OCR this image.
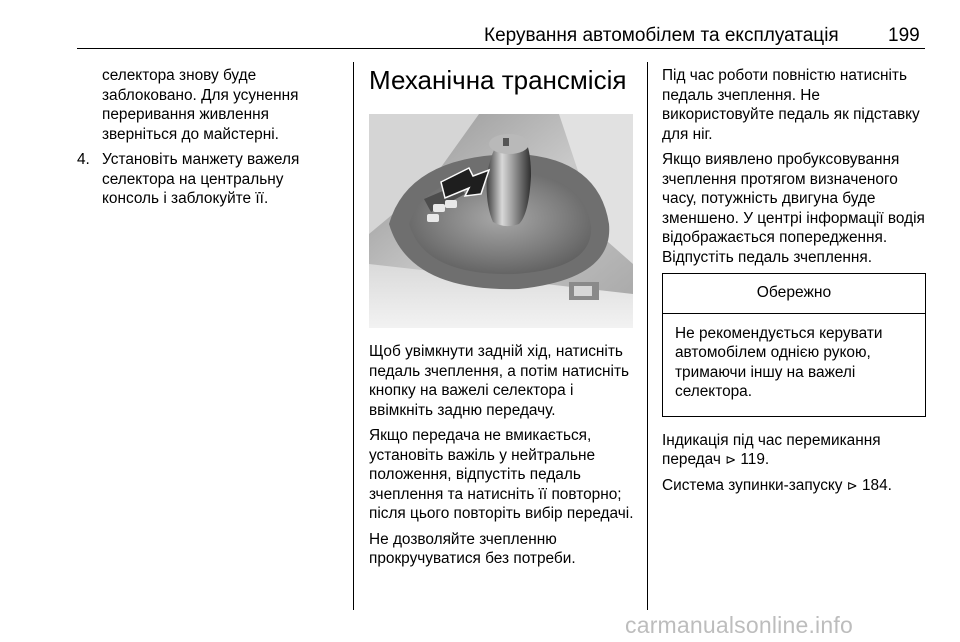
Керування автомобілем та експлуатація	199

селектора знову буде заблоковано. Для усунення переривання живлення зверніться до майстерні.

4. Установіть манжету важеля селектора на центральну консоль і заблокуйте її.
Механічна трансмісія

Щоб увімкнути задній хід, натисніть педаль зчеплення, а потім натисніть кнопку на важелі селектора і ввімкніть задню передачу.

Якщо передача не вмикається, установіть важіль у нейтральне положення, відпустіть педаль зчеплення та натисніть її повторно; після цього повторіть вибір передачі.

Не дозволяйте зчепленню прокручуватися без потреби.

Під час роботи повністю натисніть педаль зчеплення. Не використовуйте педаль як підставку для ніг.

Якщо виявлено пробуксовування зчеплення протягом визначеного часу, потужність двигуна буде зменшено. У центрі інформації водія відображається попередження. Відпустіть педаль зчеплення.

Обережно
Не рекомендується керувати автомобілем однією рукою, тримаючи іншу на важелі селектора.

Індикація під час перемикання передач ⊳ 119.

Система зупинки-запуску ⊳ 184.

carmanualsonline.info
